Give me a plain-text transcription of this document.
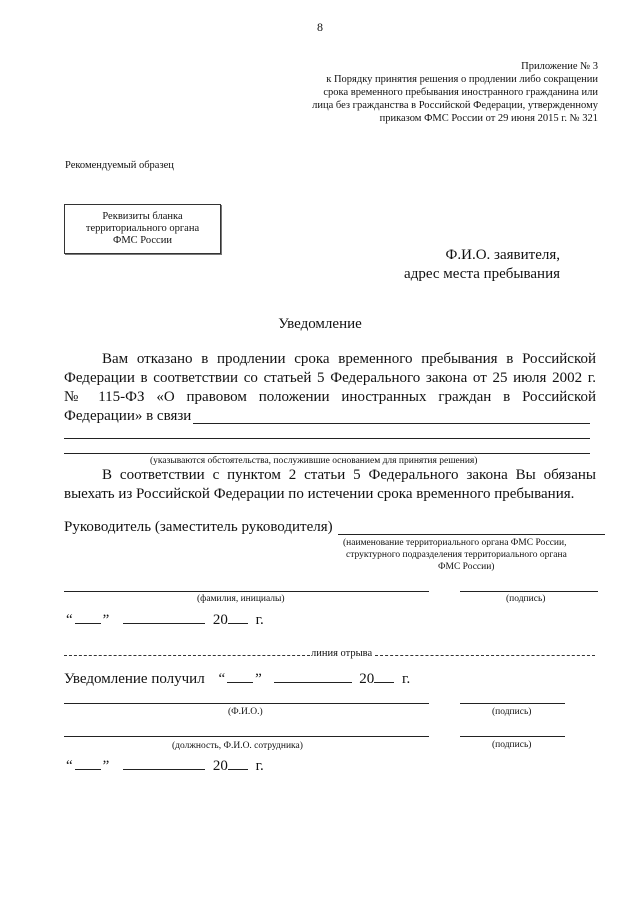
8
Приложение № 3
к Порядку принятия решения о продлении либо сокращении
срока временного пребывания иностранного гражданина или
лица без гражданства в Российской Федерации, утвержденному
приказом ФМС России от 29 июня 2015 г. № 321
Рекомендуемый образец
Реквизиты бланка
территориального органа
ФМС России
Ф.И.О. заявителя,
адрес места пребывания
Уведомление
Вам отказано в продлении срока временного пребывания в Российской
Федерации в соответствии со статьей 5 Федерального закона от 25 июля 2002 г.
№ 115-ФЗ «О правовом положении иностранных граждан в Российской
Федерации» в связи
(указываются обстоятельства, послужившие основанием для принятия решения)
В соответствии с пунктом 2 статьи 5 Федерального закона Вы обязаны
выехать из Российской Федерации по истечении срока временного пребывания.
Руководитель (заместитель руководителя)
(наименование территориального органа ФМС России,
структурного подразделения территориального органа
ФМС России)
(фамилия, инициалы)	(подпись)
“ ”	20 г.
линия отрыва
Уведомление получил “ ”	20 г.
(Ф.И.О.)	(подпись)
(должность, Ф.И.О. сотрудника)	(подпись)
“ ”	20 г.
